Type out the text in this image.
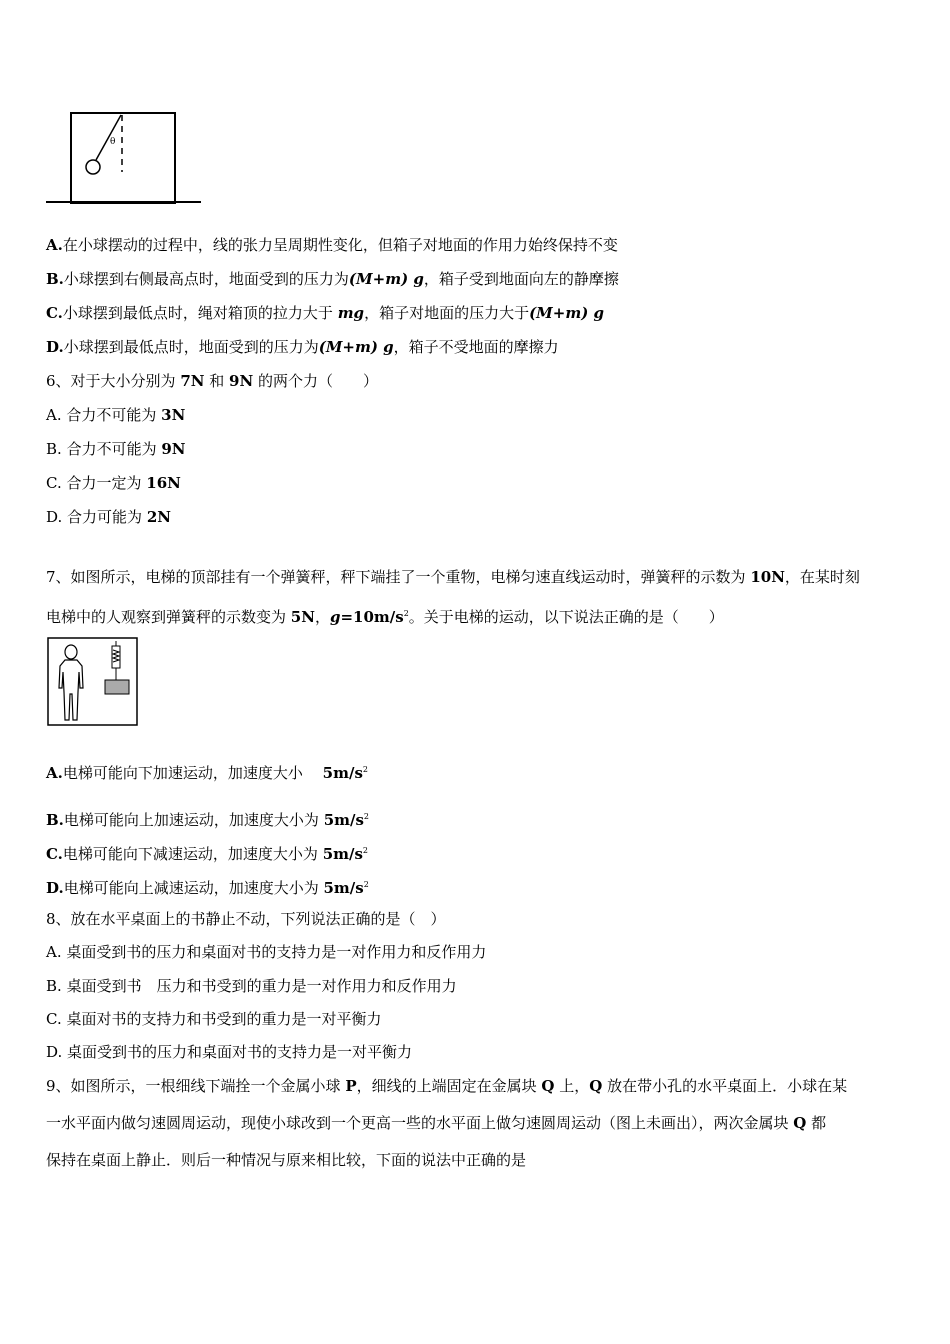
θ
A.在小球摆动的过程中，线的张力呈周期性变化，但箱子对地面的作用力始终保持不变
B.小球摆到右侧最高点时，地面受到的压力为(M+m) g，箱子受到地面向左的静摩擦
C.小球摆到最低点时，绳对箱顶的拉力大于 mg，箱子对地面的压力大于(M+m) g
D.小球摆到最低点时，地面受到的压力为(M+m) g，箱子不受地面的摩擦力
6、对于大小分别为 7N 和 9N 的两个力（　　）
A. 合力不可能为 3N
B. 合力不可能为 9N
C. 合力一定为 16N
D. 合力可能为 2N
7、如图所示，电梯的顶部挂有一个弹簧秤，秤下端挂了一个重物，电梯匀速直线运动时，弹簧秤的示数为 10N，在某时刻
电梯中的人观察到弹簧秤的示数变为 5N，$g=10m/s^2$。关于电梯的运动，以下说法正确的是（　　）
A.电梯可能向下加速运动，加速度大小　 $5m/s^2$
B.电梯可能向上加速运动，加速度大小为 $5m/s^2$
C.电梯可能向下减速运动，加速度大小为 $5m/s^2$
D.电梯可能向上减速运动，加速度大小为 $5m/s^2$
8、放在水平桌面上的书静止不动，下列说法正确的是（　）
A. 桌面受到书的压力和桌面对书的支持力是一对作用力和反作用力
B. 桌面受到书　压力和书受到的重力是一对作用力和反作用力
C. 桌面对书的支持力和书受到的重力是一对平衡力
D. 桌面受到书的压力和桌面对书的支持力是一对平衡力
9、如图所示，一根细线下端拴一个金属小球 P，细线的上端固定在金属块 Q 上，Q 放在带小孔的水平桌面上．小球在某
一水平面内做匀速圆周运动，现使小球改到一个更高一些的水平面上做匀速圆周运动（图上未画出），两次金属块 Q 都
保持在桌面上静止．则后一种情况与原来相比较，下面的说法中正确的是
